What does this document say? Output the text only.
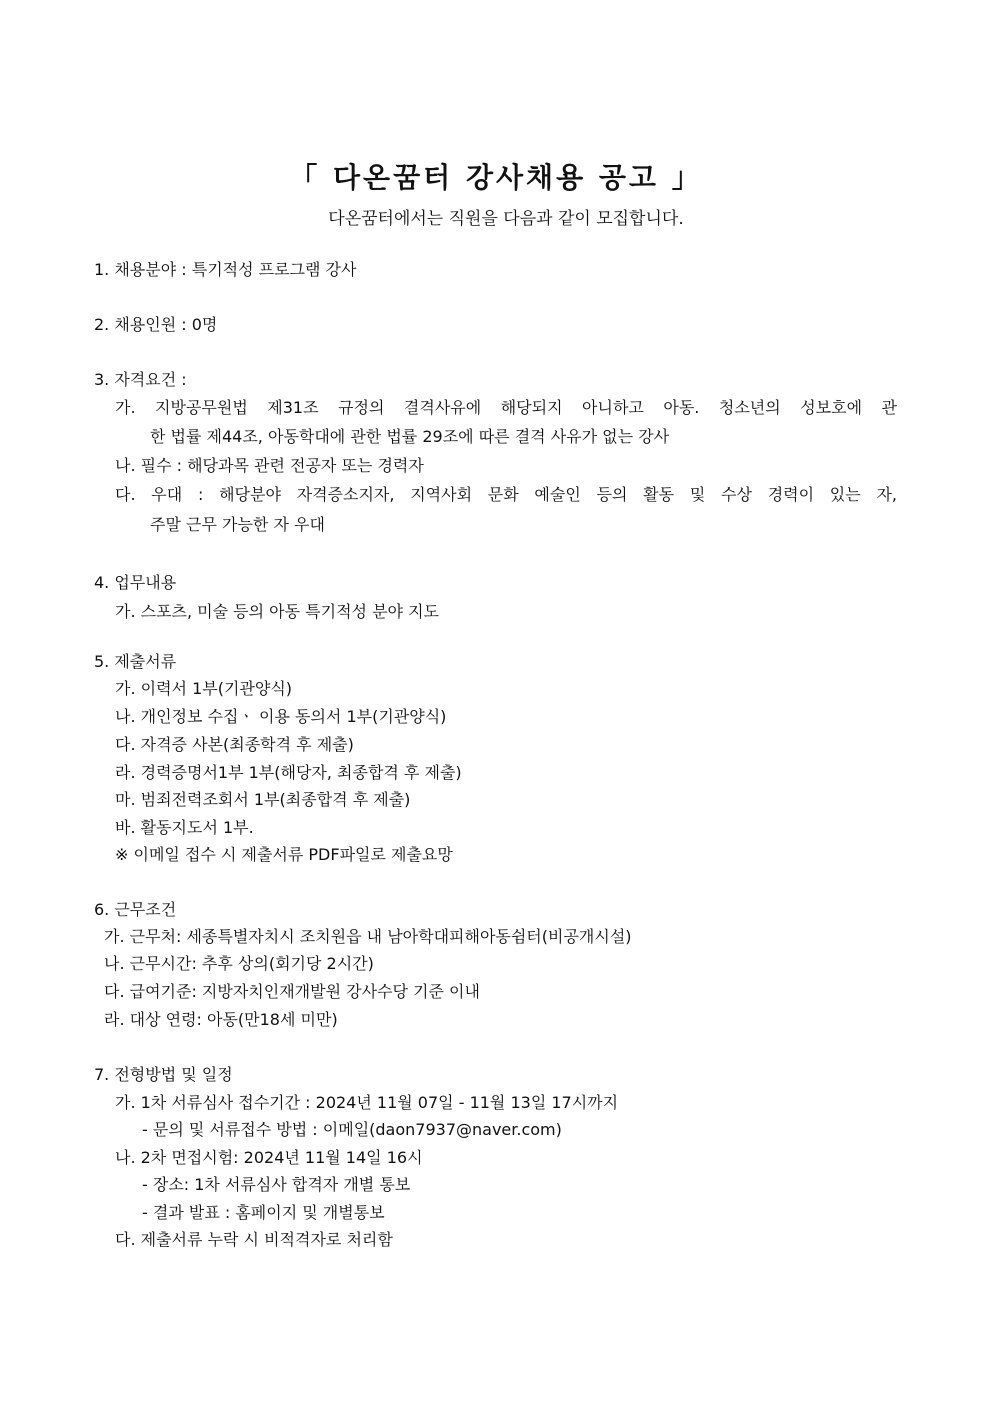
「 다온꿈터 강사채용 공고 」
다온꿈터에서는 직원을 다음과 같이 모집합니다.
1. 채용분야 : 특기적성 프로그램 강사
2. 채용인원 : 0명
3. 자격요건 :
가. 지방공무원법 제31조 규정의 결격사유에 해당되지 아니하고 아동. 청소년의 성보호에 관
한 법률 제44조, 아동학대에 관한 법률 29조에 따른 결격 사유가 없는 강사
나. 필수 : 해당과목 관련 전공자 또는 경력자
다. 우대 : 해당분야 자격증소지자, 지역사회 문화 예술인 등의 활동 및 수상 경력이 있는 자,
주말 근무 가능한 자 우대
4. 업무내용
가. 스포츠, 미술 등의 아동 특기적성 분야 지도
5. 제출서류
가. 이력서 1부(기관양식)
나. 개인정보 수집ㆍ 이용 동의서 1부(기관양식)
다. 자격증 사본(최종학격 후 제출)
라. 경력증명서1부 1부(해당자, 최종합격 후 제출)
마. 범죄전력조회서 1부(최종합격 후 제출)
바. 활동지도서 1부.
※ 이메일 접수 시 제출서류 PDF파일로 제출요망
6. 근무조건
가. 근무처: 세종특별자치시 조치원읍 내 남아학대피해아동쉼터(비공개시설)
나. 근무시간: 추후 상의(회기당 2시간)
다. 급여기준: 지방자치인재개발원 강사수당 기준 이내
라. 대상 연령: 아동(만18세 미만)
7. 전형방법 및 일정
가. 1차 서류심사 접수기간 : 2024년 11월 07일 - 11월 13일 17시까지
- 문의 및 서류접수 방법 : 이메일(daon7937@naver.com)
나. 2차 면접시험: 2024년 11월 14일 16시
- 장소: 1차 서류심사 합격자 개별 통보
- 결과 발표 : 홈페이지 및 개별통보
다. 제출서류 누락 시 비적격자로 처리함
